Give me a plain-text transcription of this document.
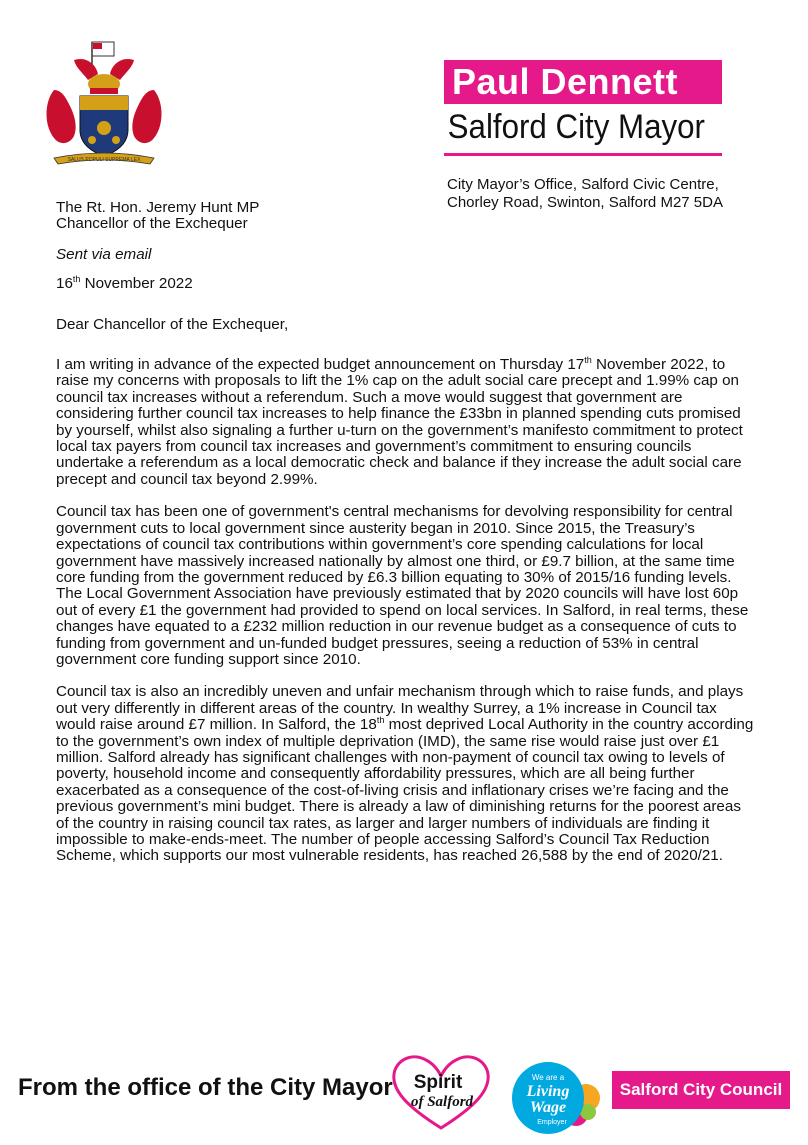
SALUS POPULI SUPREMA LEX
Paul Dennett
Salford City Mayor
City Mayor’s Office, Salford Civic Centre,
Chorley Road, Swinton, Salford M27 5DA

The Rt. Hon. Jeremy Hunt MP
Chancellor of the Exchequer

Sent via email

16th November 2022

Dear Chancellor of the Exchequer,

I am writing in advance of the expected budget announcement on Thursday 17th November 2022, to raise my concerns with proposals to lift the 1% cap on the adult social care precept and 1.99% cap on council tax increases without a referendum. Such a move would suggest that government are considering further council tax increases to help finance the £33bn in planned spending cuts promised by yourself, whilst also signaling a further u-turn on the government’s manifesto commitment to protect local tax payers from council tax increases and government’s commitment to ensuring councils undertake a referendum as a local democratic check and balance if they increase the adult social care precept and council tax beyond 2.99%.

Council tax has been one of government's central mechanisms for devolving responsibility for central government cuts to local government since austerity began in 2010. Since 2015, the Treasury’s expectations of council tax contributions within government’s core spending calculations for local government have massively increased nationally by almost one third, or £9.7 billion, at the same time core funding from the government reduced by £6.3 billion equating to 30% of 2015/16 funding levels. The Local Government Association have previously estimated that by 2020 councils will have lost 60p out of every £1 the government had provided to spend on local services. In Salford, in real terms, these changes have equated to a £232 million reduction in our revenue budget as a consequence of cuts to funding from government and un-funded budget pressures, seeing a reduction of 53% in central government core funding support since 2010.

Council tax is also an incredibly uneven and unfair mechanism through which to raise funds, and plays out very differently in different areas of the country. In wealthy Surrey, a 1% increase in Council tax would raise around £7 million. In Salford, the 18th most deprived Local Authority in the country according to the government’s own index of multiple deprivation (IMD), the same rise would raise just over £1 million. Salford already has significant challenges with non-payment of council tax owing to levels of poverty, household income and consequently affordability pressures, which are all being further exacerbated as a consequence of the cost-of-living crisis and inflationary crises we’re facing and the previous government’s mini budget. There is already a law of diminishing returns for the poorest areas of the country in raising council tax rates, as larger and larger numbers of individuals are finding it impossible to make-ends-meet. The number of people accessing Salford’s Council Tax Reduction Scheme, which supports our most vulnerable residents, has reached 26,588 by the end of 2020/21.

From the office of the City Mayor Spirit
of Salford
We are a
Living
Wage
Employer
Salford City Council
